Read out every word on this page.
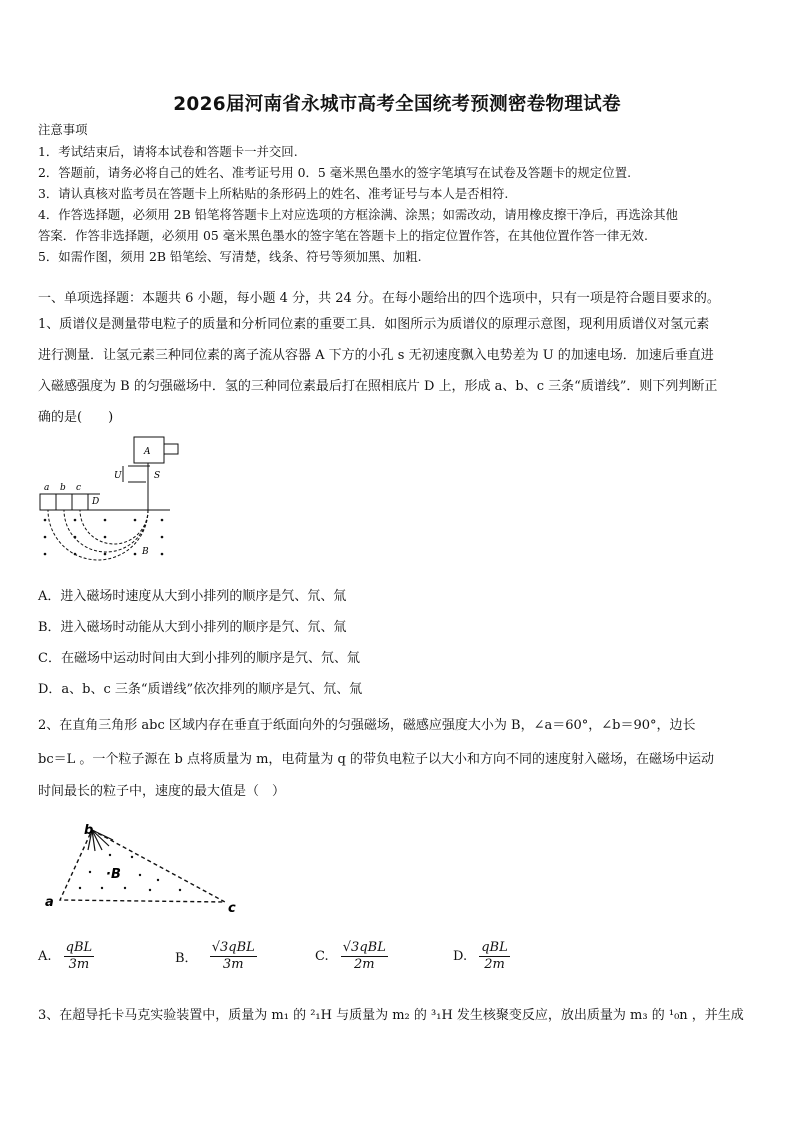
2026届河南省永城市高考全国统考预测密卷物理试卷
注意事项
1．考试结束后，请将本试卷和答题卡一并交回.
2．答题前，请务必将自己的姓名、准考证号用 0．5 毫米黑色墨水的签字笔填写在试卷及答题卡的规定位置.
3．请认真核对监考员在答题卡上所粘贴的条形码上的姓名、准考证号与本人是否相符.
4．作答选择题，必须用 2B 铅笔将答题卡上对应选项的方框涂满、涂黑；如需改动，请用橡皮擦干净后，再选涂其他
答案．作答非选择题，必须用 05 毫米黑色墨水的签字笔在答题卡上的指定位置作答，在其他位置作答一律无效.
5．如需作图，须用 2B 铅笔绘、写清楚，线条、符号等须加黑、加粗.
一、单项选择题：本题共 6 小题，每小题 4 分，共 24 分。在每小题给出的四个选项中，只有一项是符合题目要求的。
1、质谱仪是测量带电粒子的质量和分析同位素的重要工具．如图所示为质谱仪的原理示意图，现利用质谱仪对氢元素
进行测量．让氢元素三种同位素的离子流从容器 A 下方的小孔 s 无初速度飘入电势差为 U 的加速电场．加速后垂直进
入磁感强度为 B 的匀强磁场中．氢的三种同位素最后打在照相底片 D 上，形成 a、b、c 三条“质谱线”．则下列判断正
确的是(　　)
A
U	S
a b c
D
B
A．进入磁场时速度从大到小排列的顺序是氕、氘、氚
B．进入磁场时动能从大到小排列的顺序是氕、氘、氚
C．在磁场中运动时间由大到小排列的顺序是氕、氘、氚
D．a、b、c 三条“质谱线”依次排列的顺序是氕、氘、氚
2、在直角三角形 abc 区域内存在垂直于纸面向外的匀强磁场，磁感应强度大小为 B，∠a＝60°，∠b＝90°，边长
bc＝L 。一个粒子源在 b 点将质量为 m，电荷量为 q 的带负电粒子以大小和方向不同的速度射入磁场，在磁场中运动
时间最长的粒子中，速度的最大值是（　）
b
·B
a	c
A. $\frac{\text{qBL}}{3m}$	B． $\frac{\text{√3qBL}}{3m}$	C. $\frac{\text{√3qBL}}{2m}$	D. $\frac{\text{qBL}}{2m}$
3、在超导托卡马克实验装置中，质量为 m₁ 的 ²₁H 与质量为 m₂ 的 ³₁H 发生核聚变反应，放出质量为 m₃ 的 ¹₀n ，并生成
